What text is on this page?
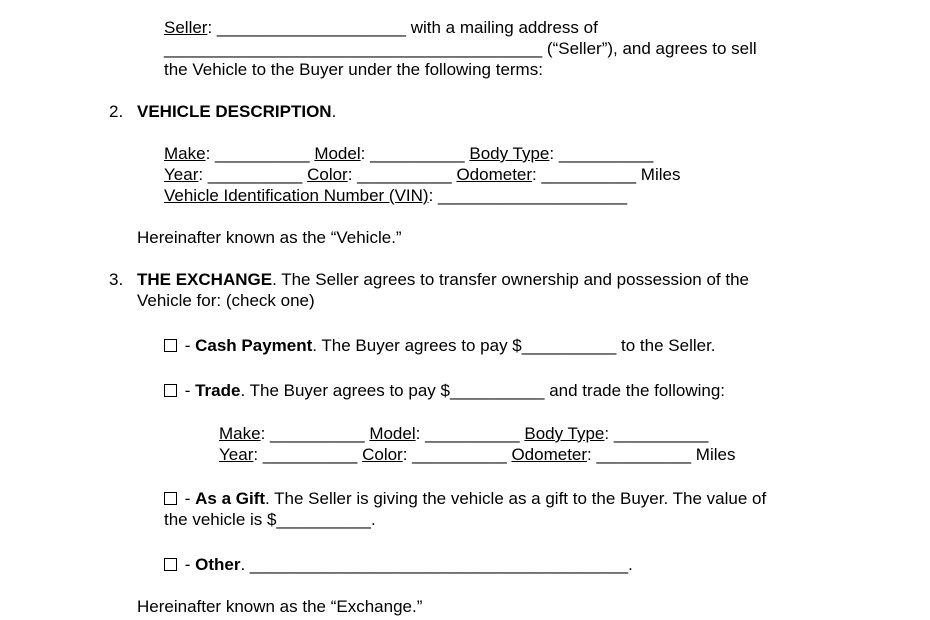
Seller: ____________________ with a mailing address of
________________________________________ (“Seller”), and agrees to sell
the Vehicle to the Buyer under the following terms:
2. VEHICLE DESCRIPTION.
Make: __________ Model: __________ Body Type: __________
Year: __________ Color: __________ Odometer: __________ Miles
Vehicle Identification Number (VIN): ____________________
Hereinafter known as the “Vehicle.”
3. THE EXCHANGE. The Seller agrees to transfer ownership and possession of the
Vehicle for: (check one)
- Cash Payment. The Buyer agrees to pay $__________ to the Seller.
- Trade. The Buyer agrees to pay $__________ and trade the following:
Make: __________ Model: __________ Body Type: __________
Year: __________ Color: __________ Odometer: __________ Miles
- As a Gift. The Seller is giving the vehicle as a gift to the Buyer. The value of
the vehicle is $__________.
- Other. ________________________________________.
Hereinafter known as the “Exchange.”
